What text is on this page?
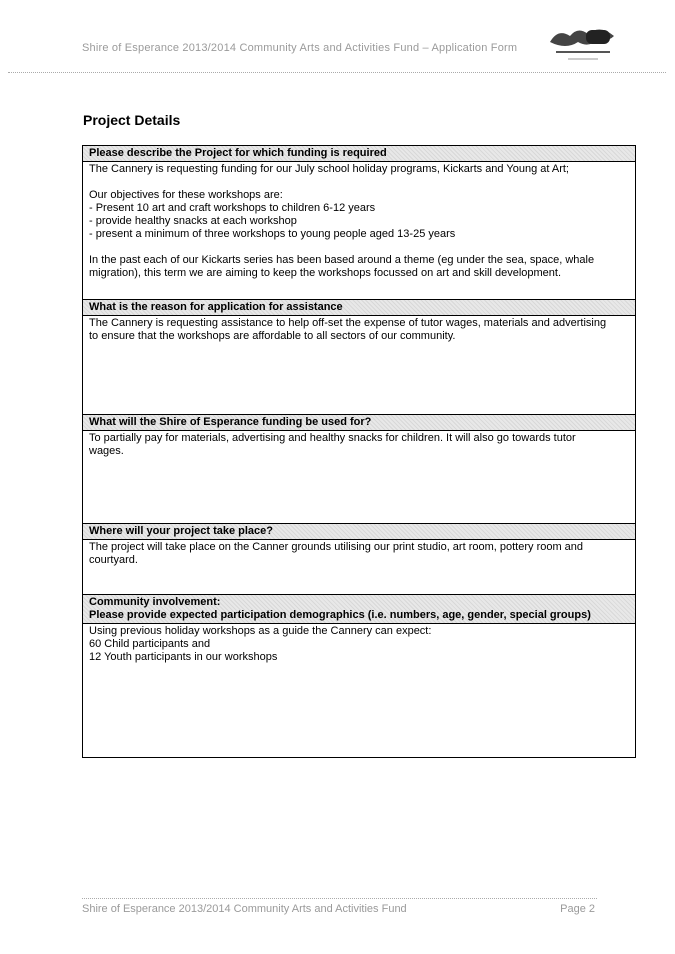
Shire of Esperance 2013/2014 Community Arts and Activities Fund – Application Form
Project Details
Please describe the Project for which funding is required
The Cannery is requesting funding for our July school holiday programs, Kickarts and Young at Art;
Our objectives for these workshops are:
- Present 10 art and craft workshops to children 6-12 years
- provide healthy snacks at each workshop
- present a minimum of three workshops to young people aged 13-25 years
In the past each of our Kickarts series has been based around a theme (eg under the sea, space, whale
migration), this term we are aiming to keep the workshops focussed on art and skill development.
What is the reason for application for assistance
The Cannery is requesting assistance to help off-set the expense of tutor wages, materials and advertising
to ensure that the workshops are affordable to all sectors of our community.
What will the Shire of Esperance funding be used for?
To partially pay for materials, advertising and healthy snacks for children. It will also go towards tutor
wages.
Where will your project take place?
The project will take place on the Canner grounds utilising our print studio, art room, pottery room and
courtyard.
Community involvement:
Please provide expected participation demographics (i.e. numbers, age, gender, special groups)
Using previous holiday workshops as a guide the Cannery can expect:
60 Child participants and
12 Youth participants in our workshops
Shire of Esperance 2013/2014 Community Arts and Activities Fund	Page 2
